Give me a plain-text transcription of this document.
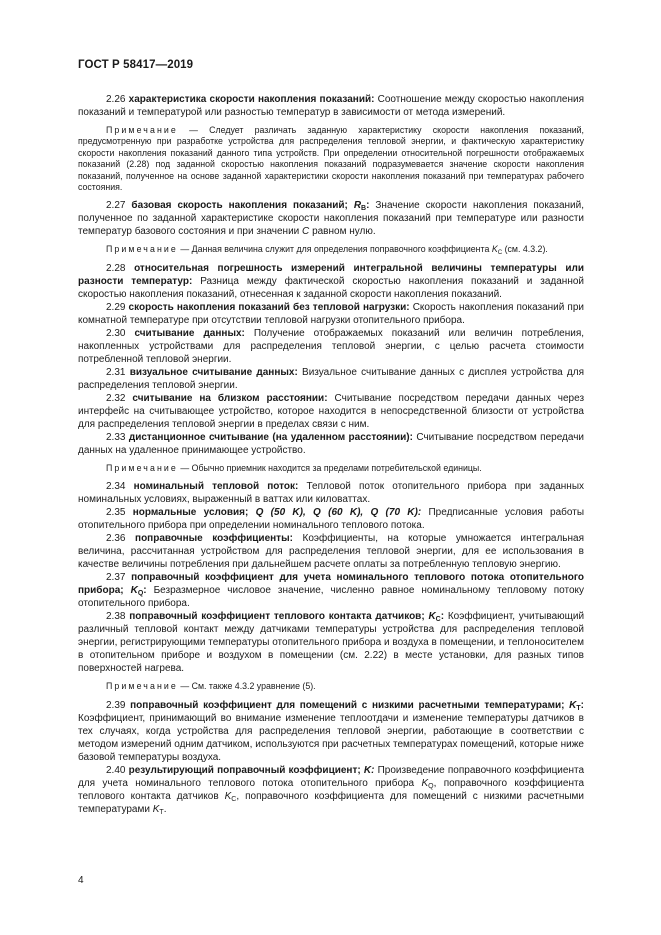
ГОСТ Р 58417—2019

2.26 характеристика скорости накопления показаний: Соотношение между скоростью накопления показаний и температурой или разностью температур в зависимости от метода измерений.

Примечание — Следует различать заданную характеристику скорости накопления показаний, предусмотренную при разработке устройства для распределения тепловой энергии, и фактическую характеристику скорости накопления показаний данного типа устройств. При определении относительной погрешности отображаемых показаний (2.28) под заданной скоростью накопления показаний подразумевается значение скорости накопления показаний, полученное на основе заданной характеристики скорости накопления показаний при температурах рабочего состояния.

2.27 базовая скорость накопления показаний; $R_B$: Значение скорости накопления показаний, полученное по заданной характеристике скорости накопления показаний при температуре или разности температур базового состояния и при значении C равном нулю.

Примечание — Данная величина служит для определения поправочного коэффициента $K_C$ (см. 4.3.2).

2.28 относительная погрешность измерений интегральной величины температуры или разности температур: Разница между фактической скоростью накопления показаний и заданной скоростью накопления показаний, отнесенная к заданной скорости накопления показаний.

2.29 скорость накопления показаний без тепловой нагрузки: Скорость накопления показаний при комнатной температуре при отсутствии тепловой нагрузки отопительного прибора.

2.30 считывание данных: Получение отображаемых показаний или величин потребления, накопленных устройствами для распределения тепловой энергии, с целью расчета стоимости потребленной тепловой энергии.

2.31 визуальное считывание данных: Визуальное считывание данных с дисплея устройства для распределения тепловой энергии.

2.32 считывание на близком расстоянии: Считывание посредством передачи данных через интерфейс на считывающее устройство, которое находится в непосредственной близости от устройства для распределения тепловой энергии в пределах связи с ним.

2.33 дистанционное считывание (на удаленном расстоянии): Считывание посредством передачи данных на удаленное принимающее устройство.

Примечание — Обычно приемник находится за пределами потребительской единицы.

2.34 номинальный тепловой поток: Тепловой поток отопительного прибора при заданных номинальных условиях, выраженный в ваттах или киловаттах.

2.35 нормальные условия; Q (50 K), Q (60 K), Q (70 K): Предписанные условия работы отопительного прибора при определении номинального теплового потока.

2.36 поправочные коэффициенты: Коэффициенты, на которые умножается интегральная величина, рассчитанная устройством для распределения тепловой энергии, для ее использования в качестве величины потребления при дальнейшем расчете оплаты за потребленную тепловую энергию.

2.37 поправочный коэффициент для учета номинального теплового потока отопительного прибора; $K_Q$: Безразмерное числовое значение, численно равное номинальному тепловому потоку отопительного прибора.

2.38 поправочный коэффициент теплового контакта датчиков; $K_C$: Коэффициент, учитывающий различный тепловой контакт между датчиками температуры устройства для распределения тепловой энергии, регистрирующими температуры отопительного прибора и воздуха в помещении, и теплоносителем в отопительном приборе и воздухом в помещении (см. 2.22) в месте установки, для разных типов поверхностей нагрева.

Примечание — См. также 4.3.2 уравнение (5).

2.39 поправочный коэффициент для помещений с низкими расчетными температурами; $K_T$: Коэффициент, принимающий во внимание изменение теплоотдачи и изменение температуры датчиков в тех случаях, когда устройства для распределения тепловой энергии, работающие в соответствии с методом измерений одним датчиком, используются при расчетных температурах помещений, которые ниже базовой температуры воздуха.

2.40 результирующий поправочный коэффициент; K: Произведение поправочного коэффициента для учета номинального теплового потока отопительного прибора $K_Q$, поправочного коэффициента теплового контакта датчиков $K_C$, поправочного коэффициента для помещений с низкими расчетными температурами $K_T$.

4
